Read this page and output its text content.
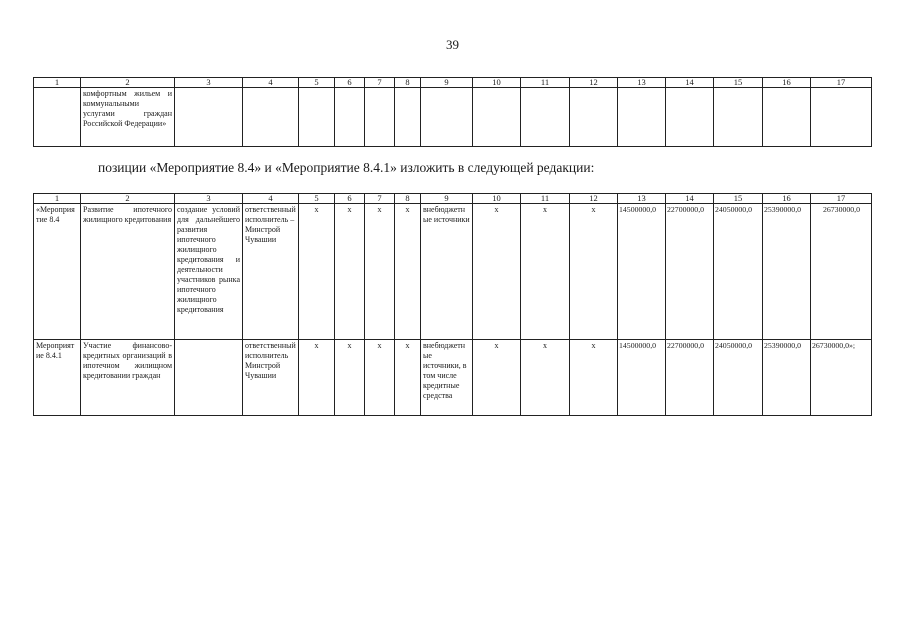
39
1	2	3	4	5	6	7	8	9	10	11	12	13	14	15	16	17
	комфортным жильем и коммунальными услугами граждан Российской Федерации»															
позиции «Мероприятие 8.4» и «Мероприятие 8.4.1» изложить в следующей редакции:
1	2	3	4	5	6	7	8	9	10	11	12	13	14	15	16	17
«Мероприятие 8.4	Развитие ипотечного жилищного кредитования	создание условий для дальнейшего развития ипотечного жилищного кредитования и деятельности участников рынка ипотечного жилищного кредитования	ответственный исполнитель – Минстрой Чувашии	х	х	х	х	внебюджетные источники	х	х	х	14500000,0	22700000,0	24050000,0	25390000,0	26730000,0
Мероприятие 8.4.1	Участие финансово-кредитных организаций в ипотечном жилищном кредитовании граждан		ответственный исполнитель Минстрой Чувашии	х	х	х	х	внебюджетные источники, в том числе кредитные средства	х	х	х	14500000,0	22700000,0	24050000,0	25390000,0	26730000,0»;
